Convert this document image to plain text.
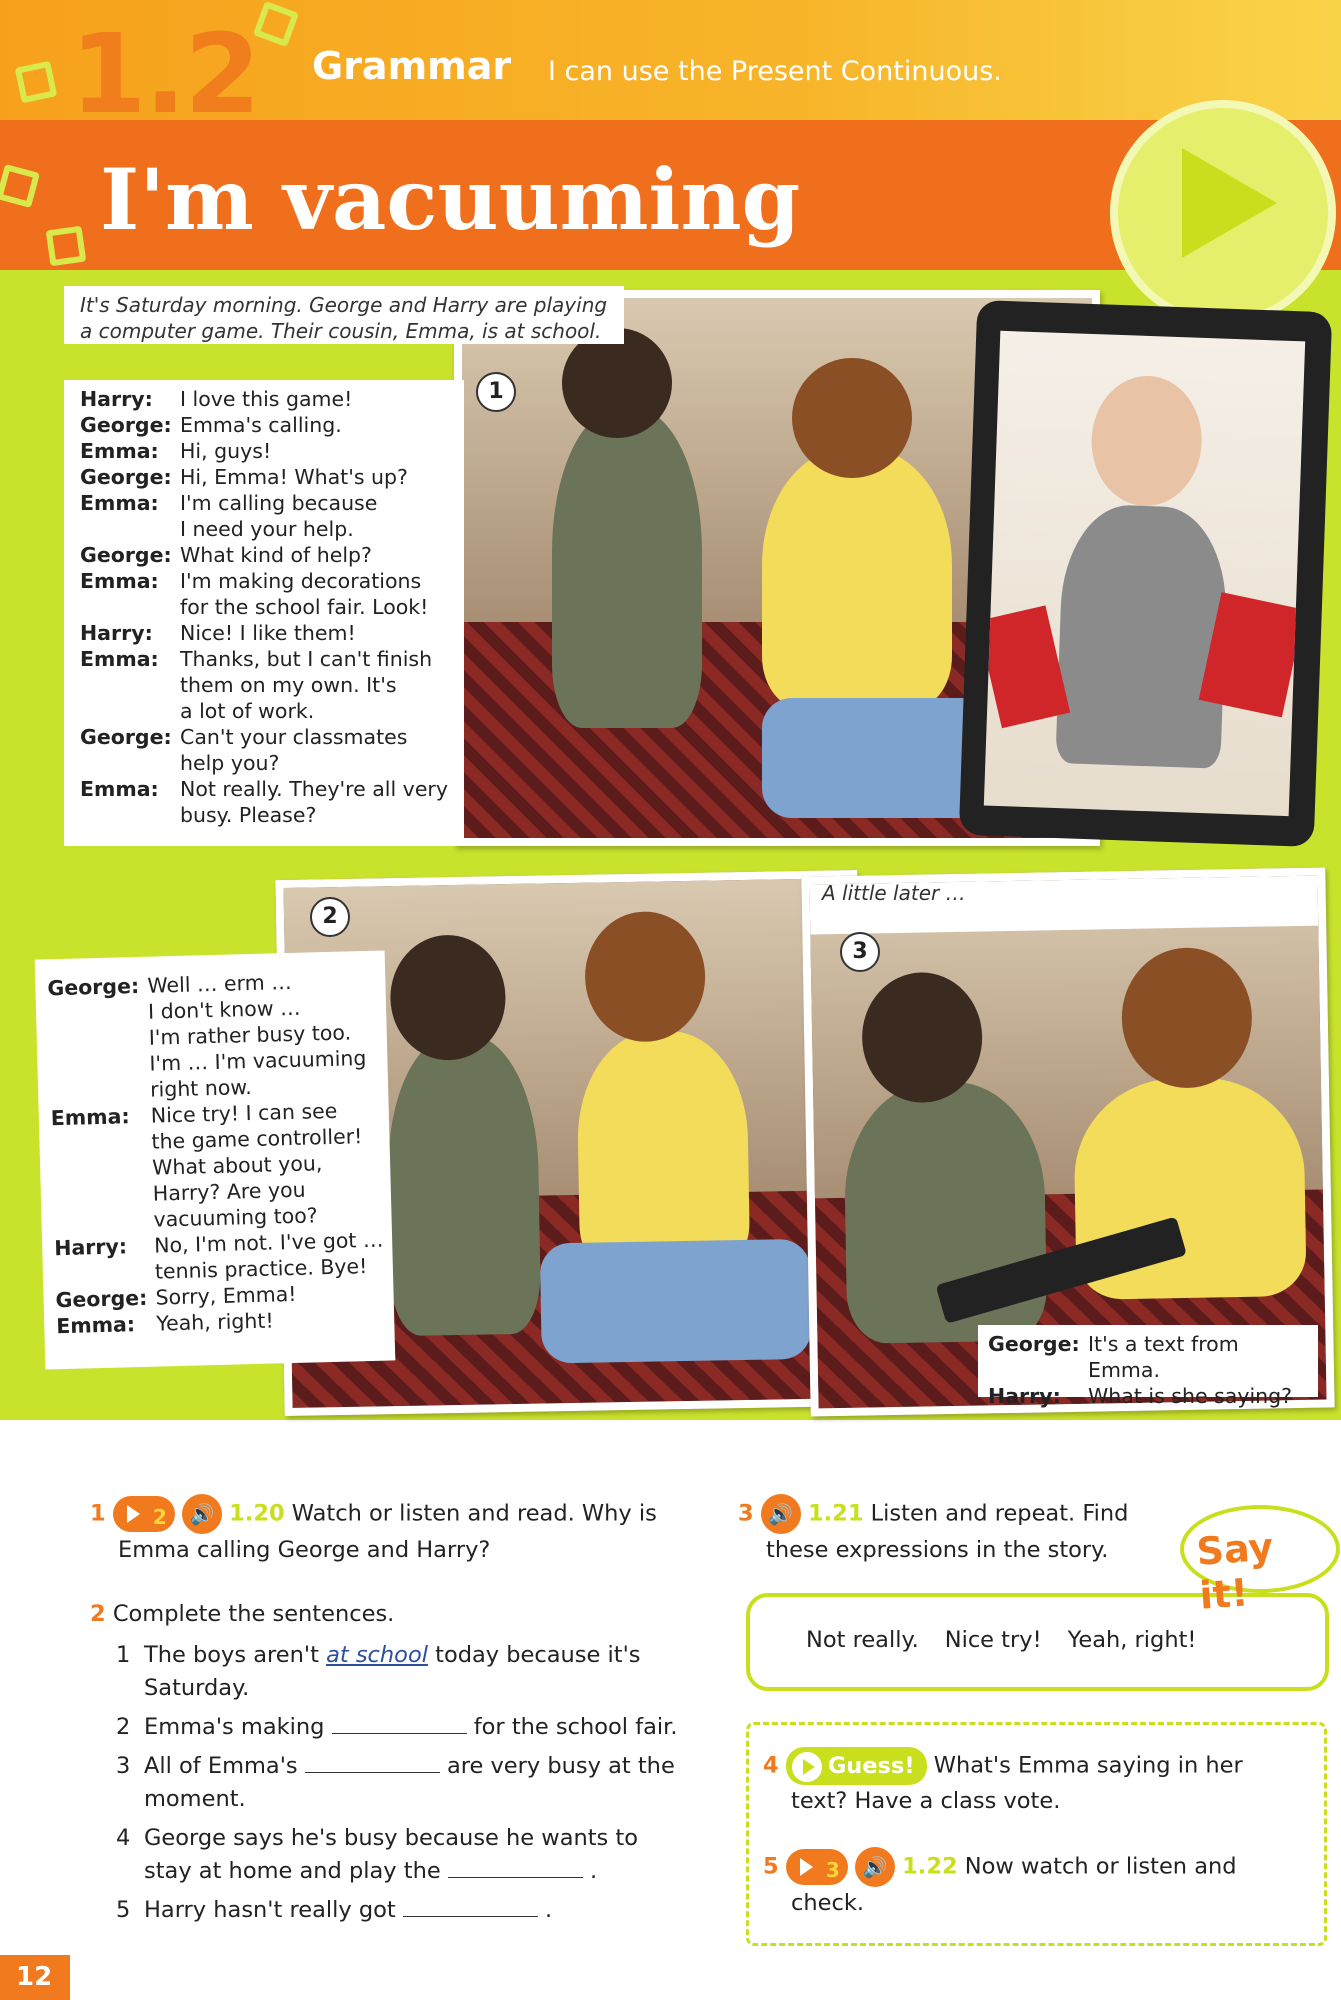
1.2 Grammar I can use the Present Continuous.
I'm vacuuming
1
It's Saturday morning. George and Harry are playing
a computer game. Their cousin, Emma, is at school.
Harry:	I love this game!
George: Emma's calling.
Emma:	Hi, guys!
George: Hi, Emma! What's up?
Emma:	I'm calling because
I need your help.
George: What kind of help?
Emma:	I'm making decorations
for the school fair. Look!
Harry:	Nice! I like them!
Emma:	Thanks, but I can't finish
them on my own. It's
a lot of work.
George: Can't your classmates
help you?
Emma:	Not really. They're all very
busy. Please?
2
George: Well … erm …
I don't know …
I'm rather busy too.
I'm … I'm vacuuming
right now.
Emma:	Nice try! I can see
the game controller!
What about you,
Harry? Are you
vacuuming too?
Harry:	No, I'm not. I've got …
tennis practice. Bye!
George: Sorry, Emma!
Emma:	Yeah, right!
A little later …
3
George: It's a text from Emma.
Harry:	What is she saying?
1 2 🔊 1.20 Watch or listen and read. Why is
Emma calling George and Harry?
2 Complete the sentences.
1 The boys aren't at school today because it's
Saturday.
2 Emma's making	for the school fair.
3 All of Emma's	are very busy at the
moment.
4 George says he's busy because he wants to
stay at home and play the	.
5 Harry hasn't really got	.
3 🔊 1.21 Listen and repeat. Find
these expressions in the story.
Not really. Nice try! Yeah, right!
Say it!
4 Guess! What's Emma saying in her
text? Have a class vote.
5 3 🔊 1.22 Now watch or listen and
check.
12
